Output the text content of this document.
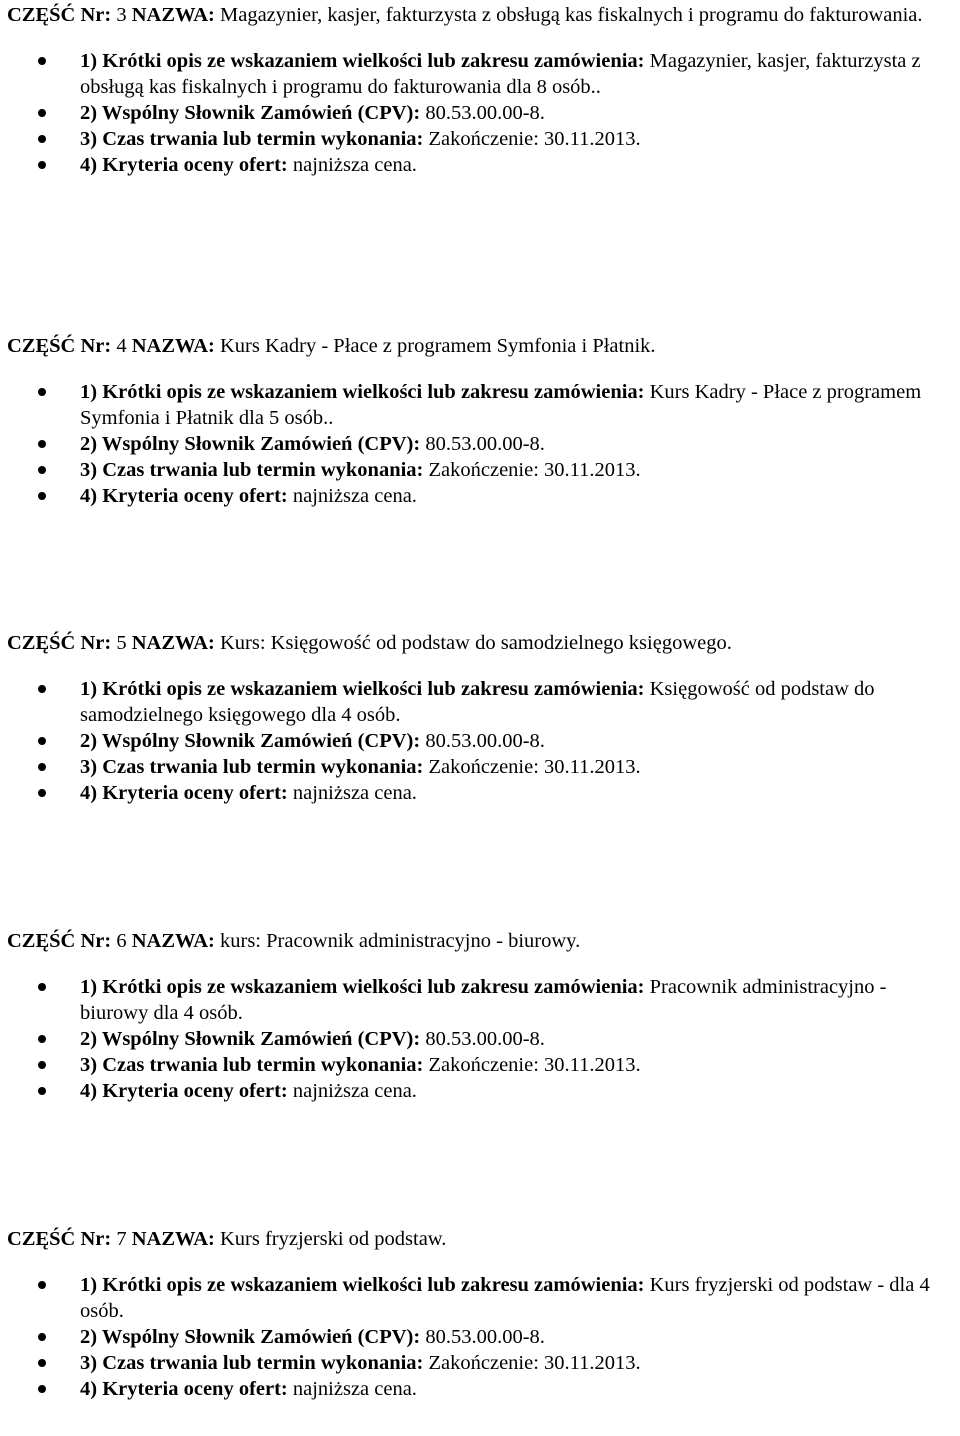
CZĘŚĆ Nr: 3 NAZWA: Magazynier, kasjer, fakturzysta z obsługą kas fiskalnych i programu do fakturowania.

1) Krótki opis ze wskazaniem wielkości lub zakresu zamówienia: Magazynier, kasjer, fakturzysta z obsługą kas fiskalnych i programu do fakturowania dla 8 osób..
2) Wspólny Słownik Zamówień (CPV): 80.53.00.00-8.
3) Czas trwania lub termin wykonania: Zakończenie: 30.11.2013.
4) Kryteria oceny ofert: najniższa cena.

CZĘŚĆ Nr: 4 NAZWA: Kurs Kadry - Płace z programem Symfonia i Płatnik.

1) Krótki opis ze wskazaniem wielkości lub zakresu zamówienia: Kurs Kadry - Płace z programem Symfonia i Płatnik dla 5 osób..
2) Wspólny Słownik Zamówień (CPV): 80.53.00.00-8.
3) Czas trwania lub termin wykonania: Zakończenie: 30.11.2013.
4) Kryteria oceny ofert: najniższa cena.

CZĘŚĆ Nr: 5 NAZWA: Kurs: Księgowość od podstaw do samodzielnego księgowego.

1) Krótki opis ze wskazaniem wielkości lub zakresu zamówienia: Księgowość od podstaw do samodzielnego księgowego dla 4 osób.
2) Wspólny Słownik Zamówień (CPV): 80.53.00.00-8.
3) Czas trwania lub termin wykonania: Zakończenie: 30.11.2013.
4) Kryteria oceny ofert: najniższa cena.

CZĘŚĆ Nr: 6 NAZWA: kurs: Pracownik administracyjno - biurowy.

1) Krótki opis ze wskazaniem wielkości lub zakresu zamówienia: Pracownik administracyjno - biurowy dla 4 osób.
2) Wspólny Słownik Zamówień (CPV): 80.53.00.00-8.
3) Czas trwania lub termin wykonania: Zakończenie: 30.11.2013.
4) Kryteria oceny ofert: najniższa cena.

CZĘŚĆ Nr: 7 NAZWA: Kurs fryzjerski od podstaw.

1) Krótki opis ze wskazaniem wielkości lub zakresu zamówienia: Kurs fryzjerski od podstaw - dla 4 osób.
2) Wspólny Słownik Zamówień (CPV): 80.53.00.00-8.
3) Czas trwania lub termin wykonania: Zakończenie: 30.11.2013.
4) Kryteria oceny ofert: najniższa cena.
